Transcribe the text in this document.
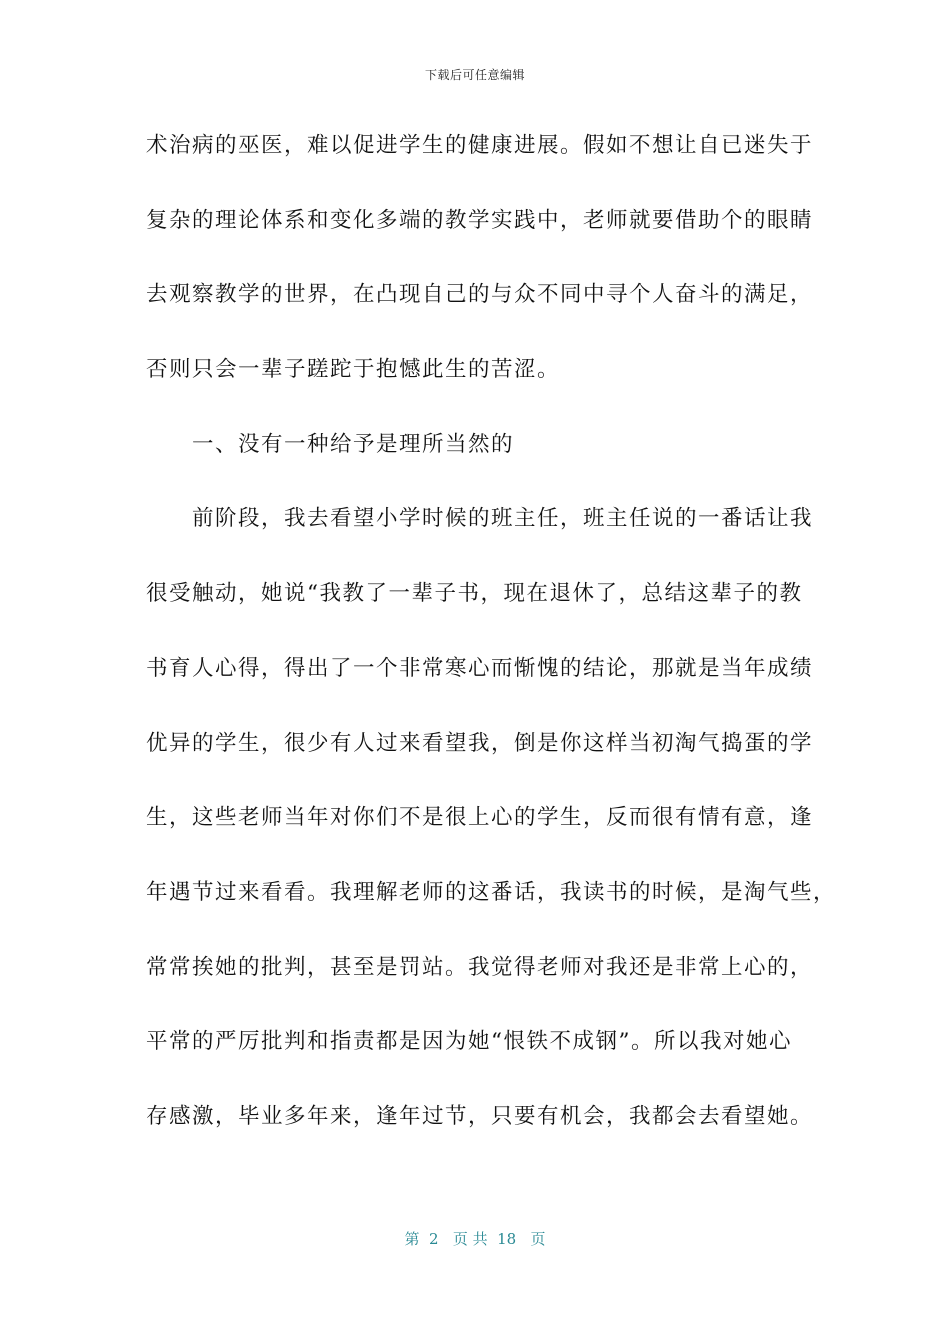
下载后可任意编辑
术治病的巫医，难以促进学生的健康进展。假如不想让自已迷失于
复杂的理论体系和变化多端的教学实践中，老师就要借助个的眼睛
去观察教学的世界，在凸现自己的与众不同中寻个人奋斗的满足，
否则只会一辈子蹉跎于抱憾此生的苦涩。
一、没有一种给予是理所当然的
前阶段，我去看望小学时候的班主任，班主任说的一番话让我
很受触动，她说“我教了一辈子书，现在退休了，总结这辈子的教
书育人心得，得出了一个非常寒心而惭愧的结论，那就是当年成绩
优异的学生，很少有人过来看望我，倒是你这样当初淘气捣蛋的学
生，这些老师当年对你们不是很上心的学生，反而很有情有意，逢
年遇节过来看看。我理解老师的这番话，我读书的时候，是淘气些，
常常挨她的批判，甚至是罚站。我觉得老师对我还是非常上心的，
平常的严厉批判和指责都是因为她“恨铁不成钢”。所以我对她心
存感激，毕业多年来，逢年过节，只要有机会，我都会去看望她。
第  2   页 共  18   页
